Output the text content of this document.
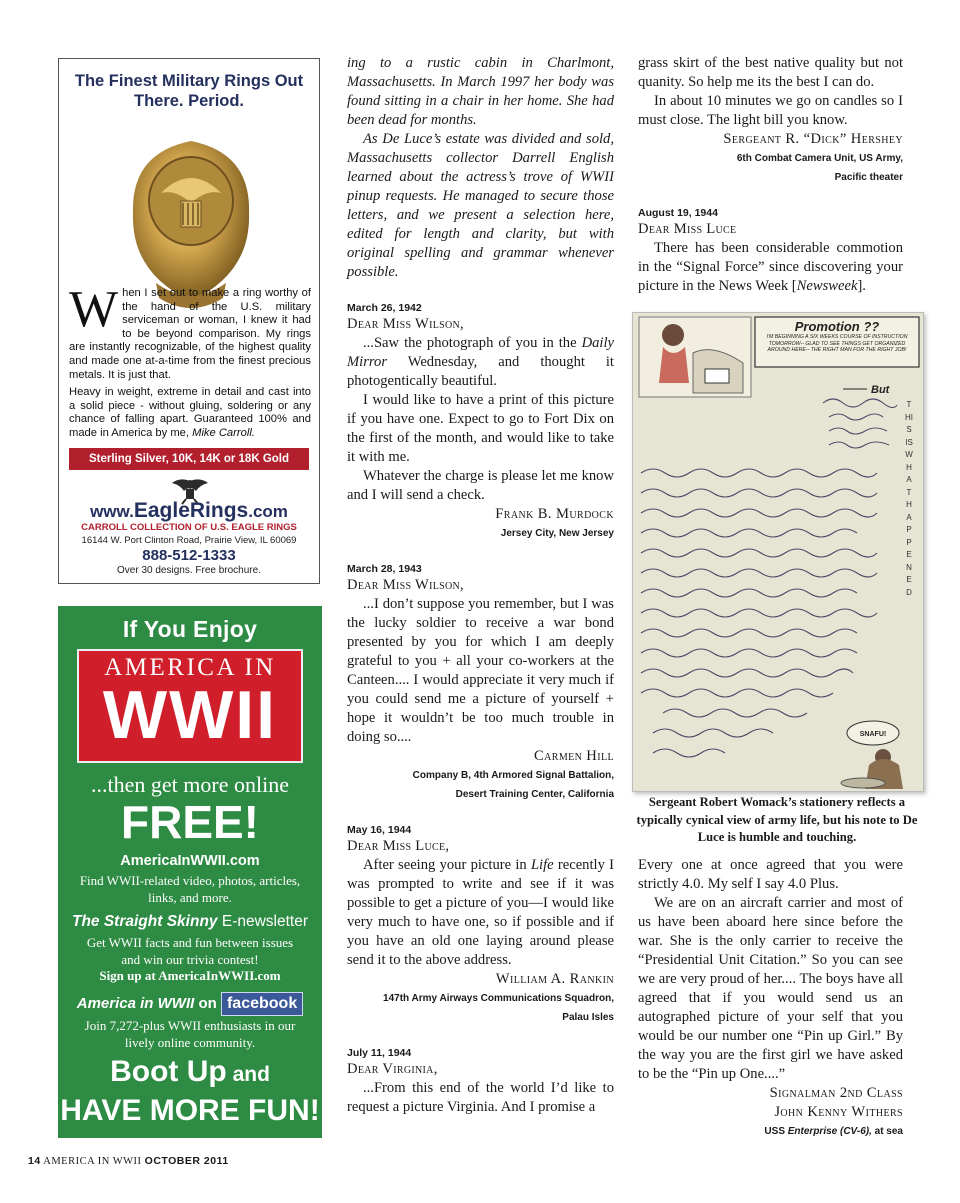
The Finest Military Rings Out There. Period.

When I set out to make a ring worthy of the hand of the U.S. military serviceman or woman, I knew it had to be beyond comparison. My rings are instantly recognizable, of the highest quality and made one at-a-time from the finest precious metals. It is just that.

Heavy in weight, extreme in detail and cast into a solid piece - without gluing, soldering or any chance of falling apart. Guaranteed 100% and made in America by me, Mike Carroll.

Sterling Silver, 10K, 14K or 18K Gold
www.EagleRings.com
CARROLL COLLECTION OF U.S. EAGLE RINGS
16144 W. Port Clinton Road, Prairie View, IL 60069
888-512-1333
Over 30 designs. Free brochure.
If You Enjoy
AMERICA IN
WWII
...then get more online
FREE!
AmericaInWWII.com
Find WWII-related video, photos, articles, links, and more.
The Straight Skinny E-newsletter
Get WWII facts and fun between issues and win our trivia contest!
Sign up at AmericaInWWII.com
America in WWII on facebook
Join 7,272-plus WWII enthusiasts in our lively online community.
Boot Up and
HAVE MORE FUN!

ing to a rustic cabin in Charlmont, Massachusetts. In March 1997 her body was found sitting in a chair in her home. She had been dead for months.

As De Luce’s estate was divided and sold, Massachusetts collector Darrell English learned about the actress’s trove of WWII pinup requests. He managed to secure those letters, and we present a selection here, edited for length and clarity, but with original spelling and grammar whenever possible.

March 26, 1942

Dear Miss Wilson,

...Saw the photograph of you in the Daily Mirror Wednesday, and thought it photogentically beautiful.

I would like to have a print of this picture if you have one. Expect to go to Fort Dix on the first of the month, and would like to take it with me.

Whatever the charge is please let me know and I will send a check.

Frank B. Murdock

Jersey City, New Jersey
March 28, 1943

Dear Miss Wilson,

...I don’t suppose you remember, but I was the lucky soldier to receive a war bond presented by you for which I am deeply grateful to you + all your co-workers at the Canteen.... I would appreciate it very much if you could send me a picture of yourself + hope it wouldn’t be too much trouble in doing so....

Carmen Hill

Company B, 4th Armored Signal Battalion,
Desert Training Center, California
May 16, 1944

Dear Miss Luce,

After seeing your picture in Life recently I was prompted to write and see if it was possible to get a picture of you—I would like very much to have one, so if possible and if you have an old one laying around please send it to the above address.

William A. Rankin

147th Army Airways Communications Squadron,
Palau Isles
July 11, 1944

Dear Virginia,

...From this end of the world I’d like to request a picture Virginia. And I promise a

grass skirt of the best native quality but not quanity. So help me its the best I can do.

In about 10 minutes we go on candles so I must close. The light bill you know.

Sergeant R. “Dick” Hershey

6th Combat Camera Unit, US Army,
Pacific theater
August 19, 1944

Dear Miss Luce

There has been considerable commotion in the “Signal Force” since discovering your picture in the News Week [Newsweek].

Promotion ??
I'M BEGINNING A SIX WEEKS COURSE OF INSTRUCTION TOMORROW-- GLAD TO SEE THINGS GET ORGANIZED AROUND HERE-- THE RIGHT MAN FOR THE RIGHT JOB!
But
THIS IS WHAT HAPPENED
SNAFU!
Sergeant Robert Womack’s stationery reflects a typically cynical view of army life, but his note to De Luce is humble and touching.

Every one at once agreed that you were strictly 4.0. My self I say 4.0 Plus.

We are on an aircraft carrier and most of us have been aboard here since before the war. She is the only carrier to receive the “Presidential Unit Citation.” So you can see we are very proud of her.... The boys have all agreed that if you would send us an autographed picture of your self that you would be our number one “Pin up Girl.” By the way you are the first girl we have asked to be the “Pin up One....”

Signalman 2nd Class

John Kenny Withers

USS Enterprise (CV-6), at sea
14 AMERICA IN WWII OCTOBER 2011
